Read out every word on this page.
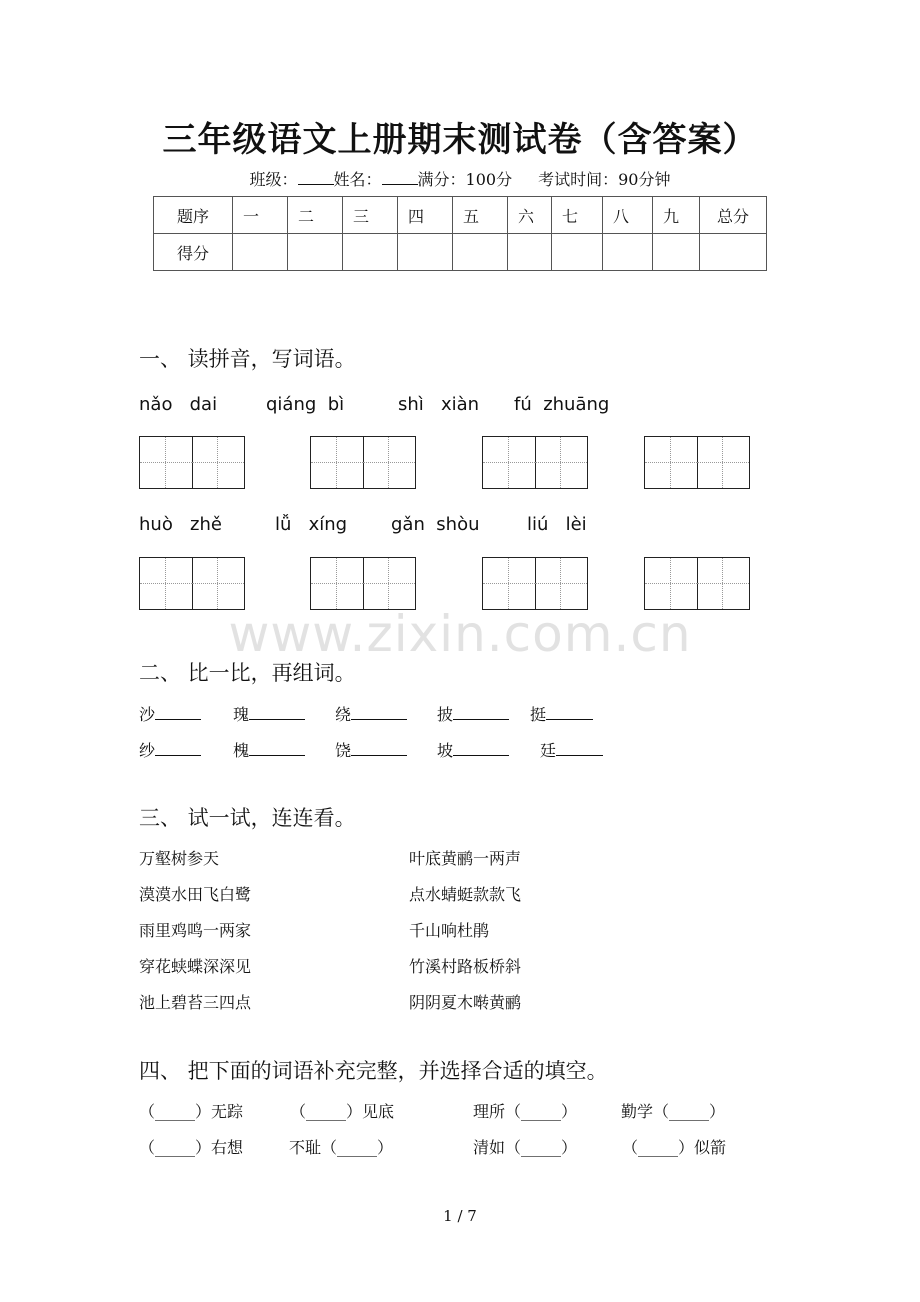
三年级语文上册期末测试卷（含答案）
班级： 姓名： 满分：100分 考试时间：90分钟
题序	一	二	三	四	五	六	七	八	九	总分
得分										
一、 读拼音，写词语。
nǎo   dai	qiáng  bì	shì   xiàn fú  zhuāng
huò   zhě	lǚ   xíng gǎn  shòu	liú   lèi
www.zixin.com.cn
二、 比一比，再组词。
沙	瑰	绕	披	挺
纱	槐	饶	坡	廷
三、 试一试，连连看。
万壑树参天
漠漠水田飞白鹭
雨里鸡鸣一两家
穿花蛱蝶深深见
池上碧苔三四点
叶底黄鹂一两声
点水蜻蜓款款飞
千山响杜鹃
竹溪村路板桥斜
阴阴夏木啭黄鹂
四、 把下面的词语补充完整，并选择合适的填空。
（_____）无踪	（_____）见底	理所（_____）	勤学（_____）
（_____）右想	不耻（_____）	清如（_____）	（_____）似箭
1 / 7
